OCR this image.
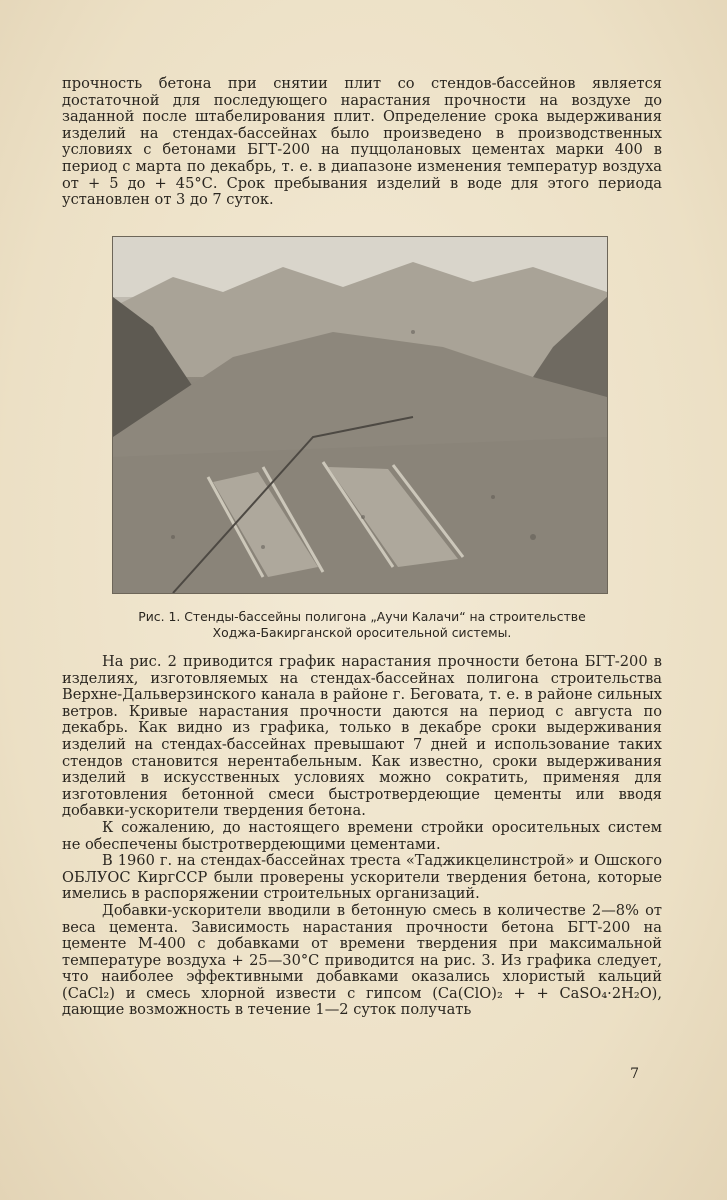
прочность бетона при снятии плит со стендов-бассейнов является достаточной для последующего нарастания прочности на воздухе до заданной после штабелирования плит. Определение срока выдерживания изделий на стендах-бассейнах было произведено в производственных условиях с бетонами БГТ-200 на пуццолановых цементах марки 400 в период с марта по декабрь, т. е. в диапазоне изменения температур воздуха от + 5 до + 45°С. Срок пребывания изделий в воде для этого периода установлен от 3 до 7 суток.

Рис. 1. Стенды-бассейны полигона „Аучи Калачи“ на строительстве
Ходжа-Бакирганской оросительной системы.

На рис. 2 приводится график нарастания прочности бетона БГТ-200 в изделиях, изготовляемых на стендах-бассейнах полигона строительства Верхне-Дальверзинского канала в районе г. Беговата, т. е. в районе сильных ветров. Кривые нарастания прочности даются на период с августа по декабрь. Как видно из графика, только в декабре сроки выдерживания изделий на стендах-бассейнах превышают 7 дней и использование таких стендов становится нерентабельным. Как известно, сроки выдерживания изделий в искусственных условиях можно сократить, применяя для изготовления бетонной смеси быстротвердеющие цементы или вводя добавки-ускорители твердения бетона.

К сожалению, до настоящего времени стройки оросительных систем не обеспечены быстротвердеющими цементами.

В 1960 г. на стендах-бассейнах треста «Таджикцелинстрой» и Ошского ОБЛУОС КиргССР были проверены ускорители твердения бетона, которые имелись в распоряжении строительных организаций.

Добавки-ускорители вводили в бетонную смесь в количестве 2—8% от веса цемента. Зависимость нарастания прочности бетона БГТ-200 на цементе М-400 с добавками от времени твердения при максимальной температуре воздуха + 25—30°С приводится на рис. 3. Из графика следует, что наиболее эффективными добавками оказались хлористый кальций (CaCl₂) и смесь хлорной извести с гипсом (Ca(ClO)₂ + + CaSO₄·2H₂O), дающие возможность в течение 1—2 суток получать

7
